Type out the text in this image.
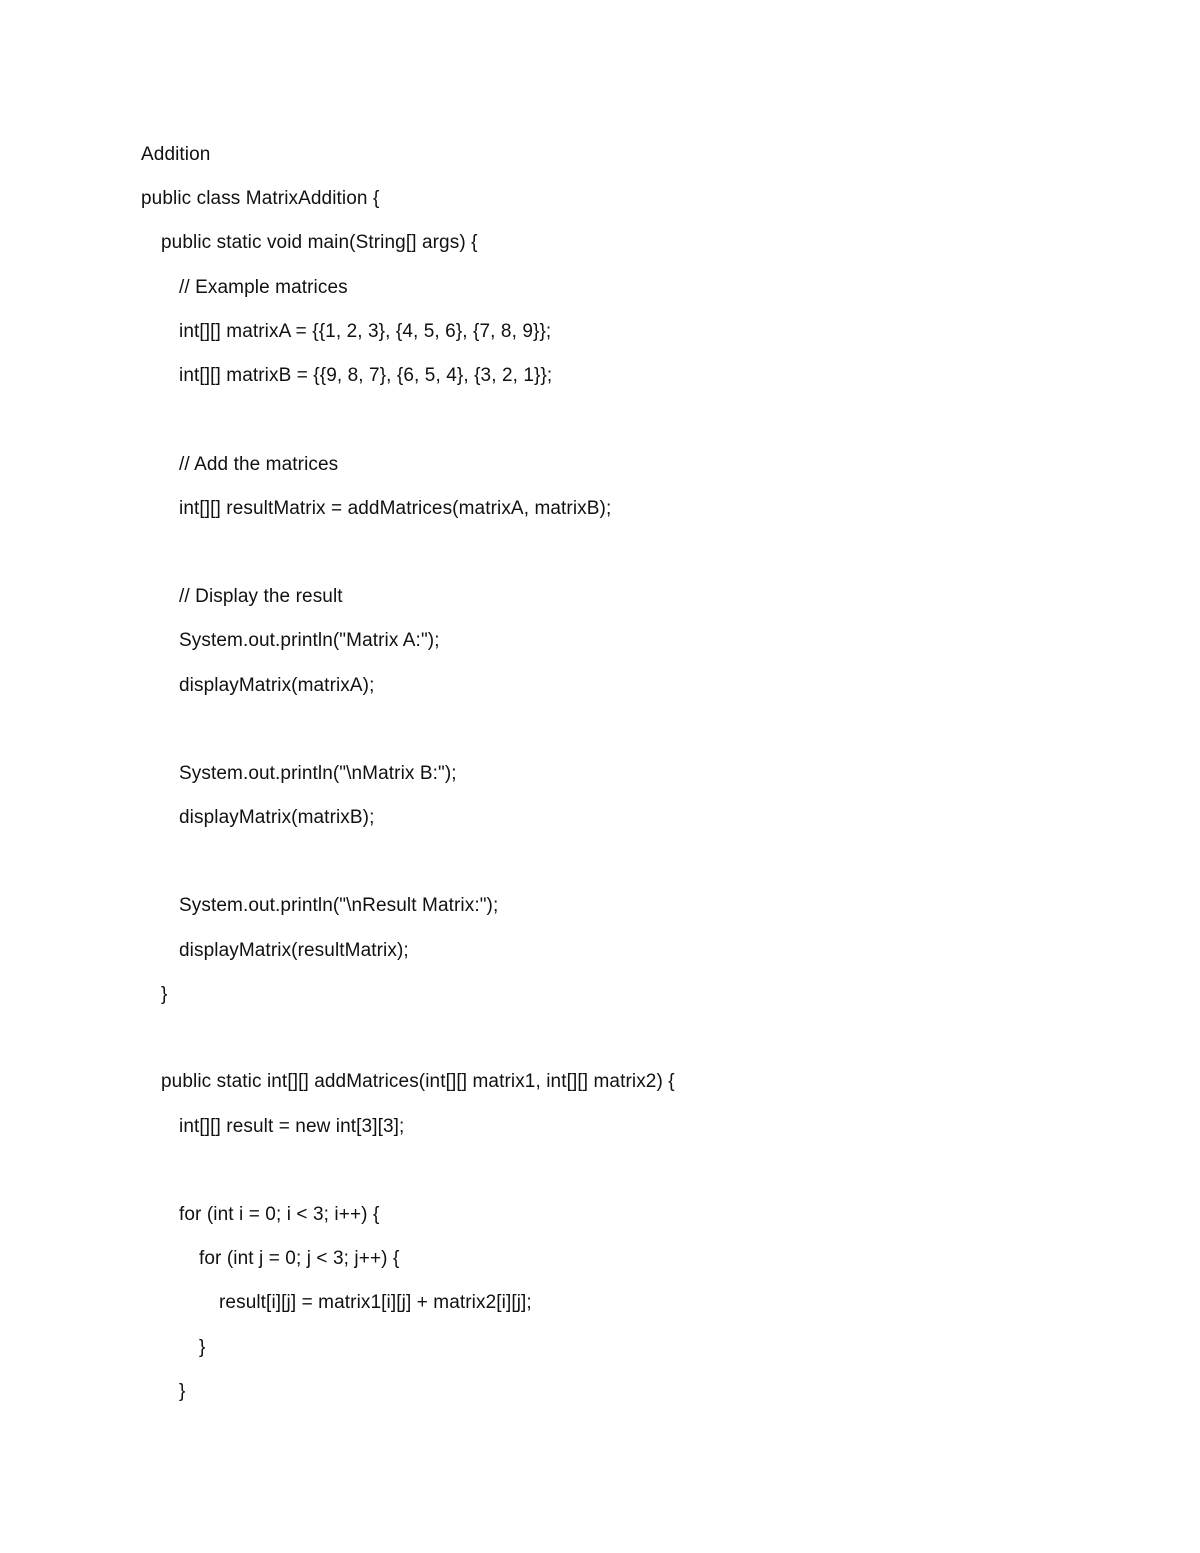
Addition
public class MatrixAddition {
public static void main(String[] args) {
// Example matrices
int[][] matrixA = {{1, 2, 3}, {4, 5, 6}, {7, 8, 9}};
int[][] matrixB = {{9, 8, 7}, {6, 5, 4}, {3, 2, 1}};
// Add the matrices
int[][] resultMatrix = addMatrices(matrixA, matrixB);
// Display the result
System.out.println("Matrix A:");
displayMatrix(matrixA);
System.out.println("\nMatrix B:");
displayMatrix(matrixB);
System.out.println("\nResult Matrix:");
displayMatrix(resultMatrix);
}
public static int[][] addMatrices(int[][] matrix1, int[][] matrix2) {
int[][] result = new int[3][3];
for (int i = 0; i < 3; i++) {
for (int j = 0; j < 3; j++) {
result[i][j] = matrix1[i][j] + matrix2[i][j];
}
}
